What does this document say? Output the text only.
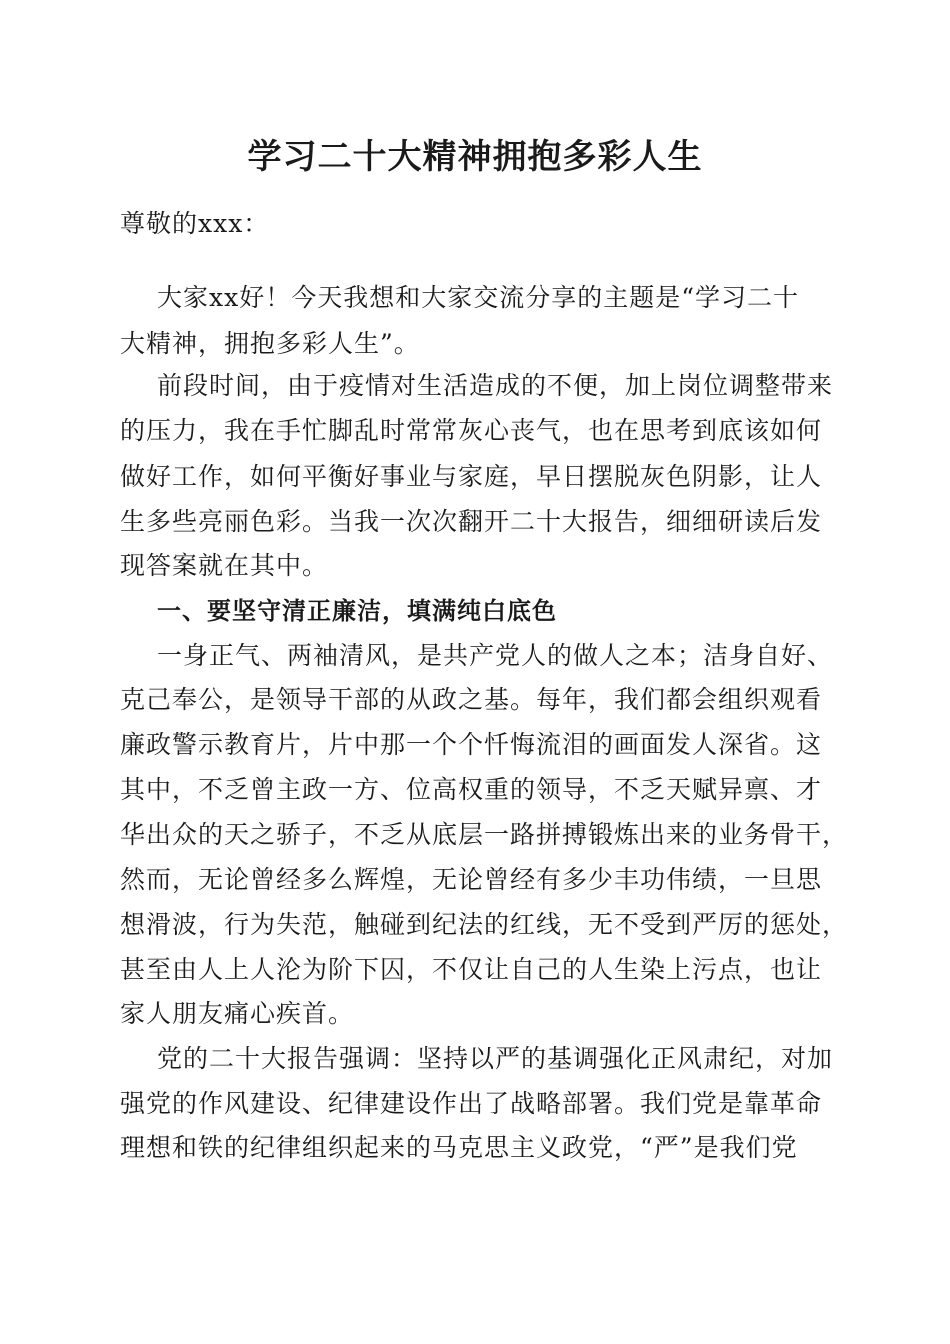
学习二十大精神拥抱多彩人生
尊敬的xxx：
大家xx好！今天我想和大家交流分享的主题是“学习二十
大精神，拥抱多彩人生”。
前段时间，由于疫情对生活造成的不便，加上岗位调整带来
的压力，我在手忙脚乱时常常灰心丧气，也在思考到底该如何
做好工作，如何平衡好事业与家庭，早日摆脱灰色阴影，让人
生多些亮丽色彩。当我一次次翻开二十大报告，细细研读后发
现答案就在其中。
一、要坚守清正廉洁，填满纯白底色
一身正气、两袖清风，是共产党人的做人之本；洁身自好、
克己奉公，是领导干部的从政之基。每年，我们都会组织观看
廉政警示教育片，片中那一个个忏悔流泪的画面发人深省。这
其中，不乏曾主政一方、位高权重的领导，不乏天赋异禀、才
华出众的天之骄子，不乏从底层一路拼搏锻炼出来的业务骨干，
然而，无论曾经多么辉煌，无论曾经有多少丰功伟绩，一旦思
想滑波，行为失范，触碰到纪法的红线，无不受到严厉的惩处，
甚至由人上人沦为阶下囚，不仅让自己的人生染上污点，也让
家人朋友痛心疾首。
党的二十大报告强调：坚持以严的基调强化正风肃纪，对加
强党的作风建设、纪律建设作出了战略部署。我们党是靠革命
理想和铁的纪律组织起来的马克思主义政党，“严”是我们党
